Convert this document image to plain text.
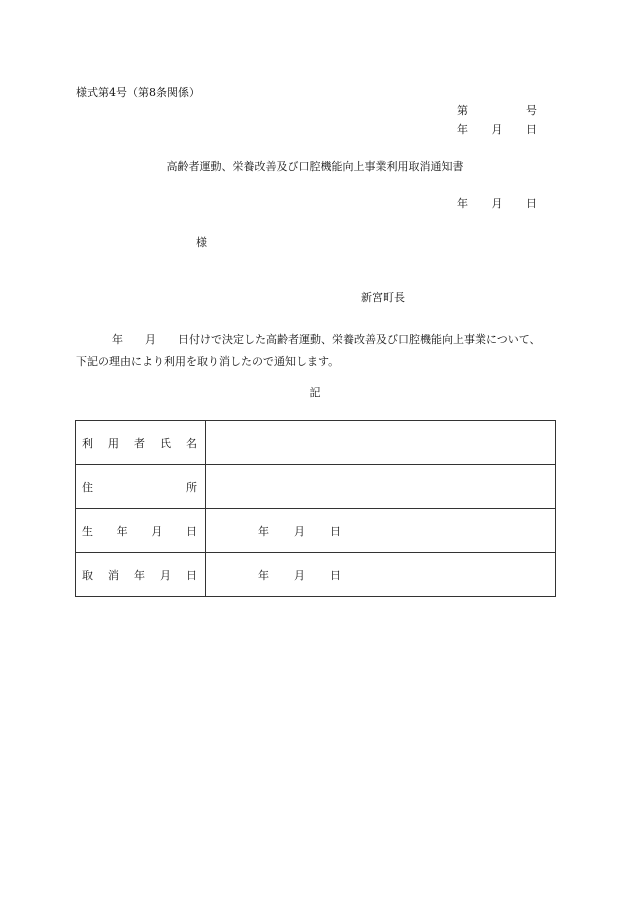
様式第4号（第8条関係）
第	号
年 月 日
高齢者運動、栄養改善及び口腔機能向上事業利用取消通知書
年 月 日
様
新宮町長
年 月 日付けで決定した高齢者運動、栄養改善及び口腔機能向上事業について、下記の理由により利用を取り消したので通知します。
記
利 用 者 氏 名	

住 所	

生 年 月 日	年 月 日

取 消 年 月 日	年 月 日
